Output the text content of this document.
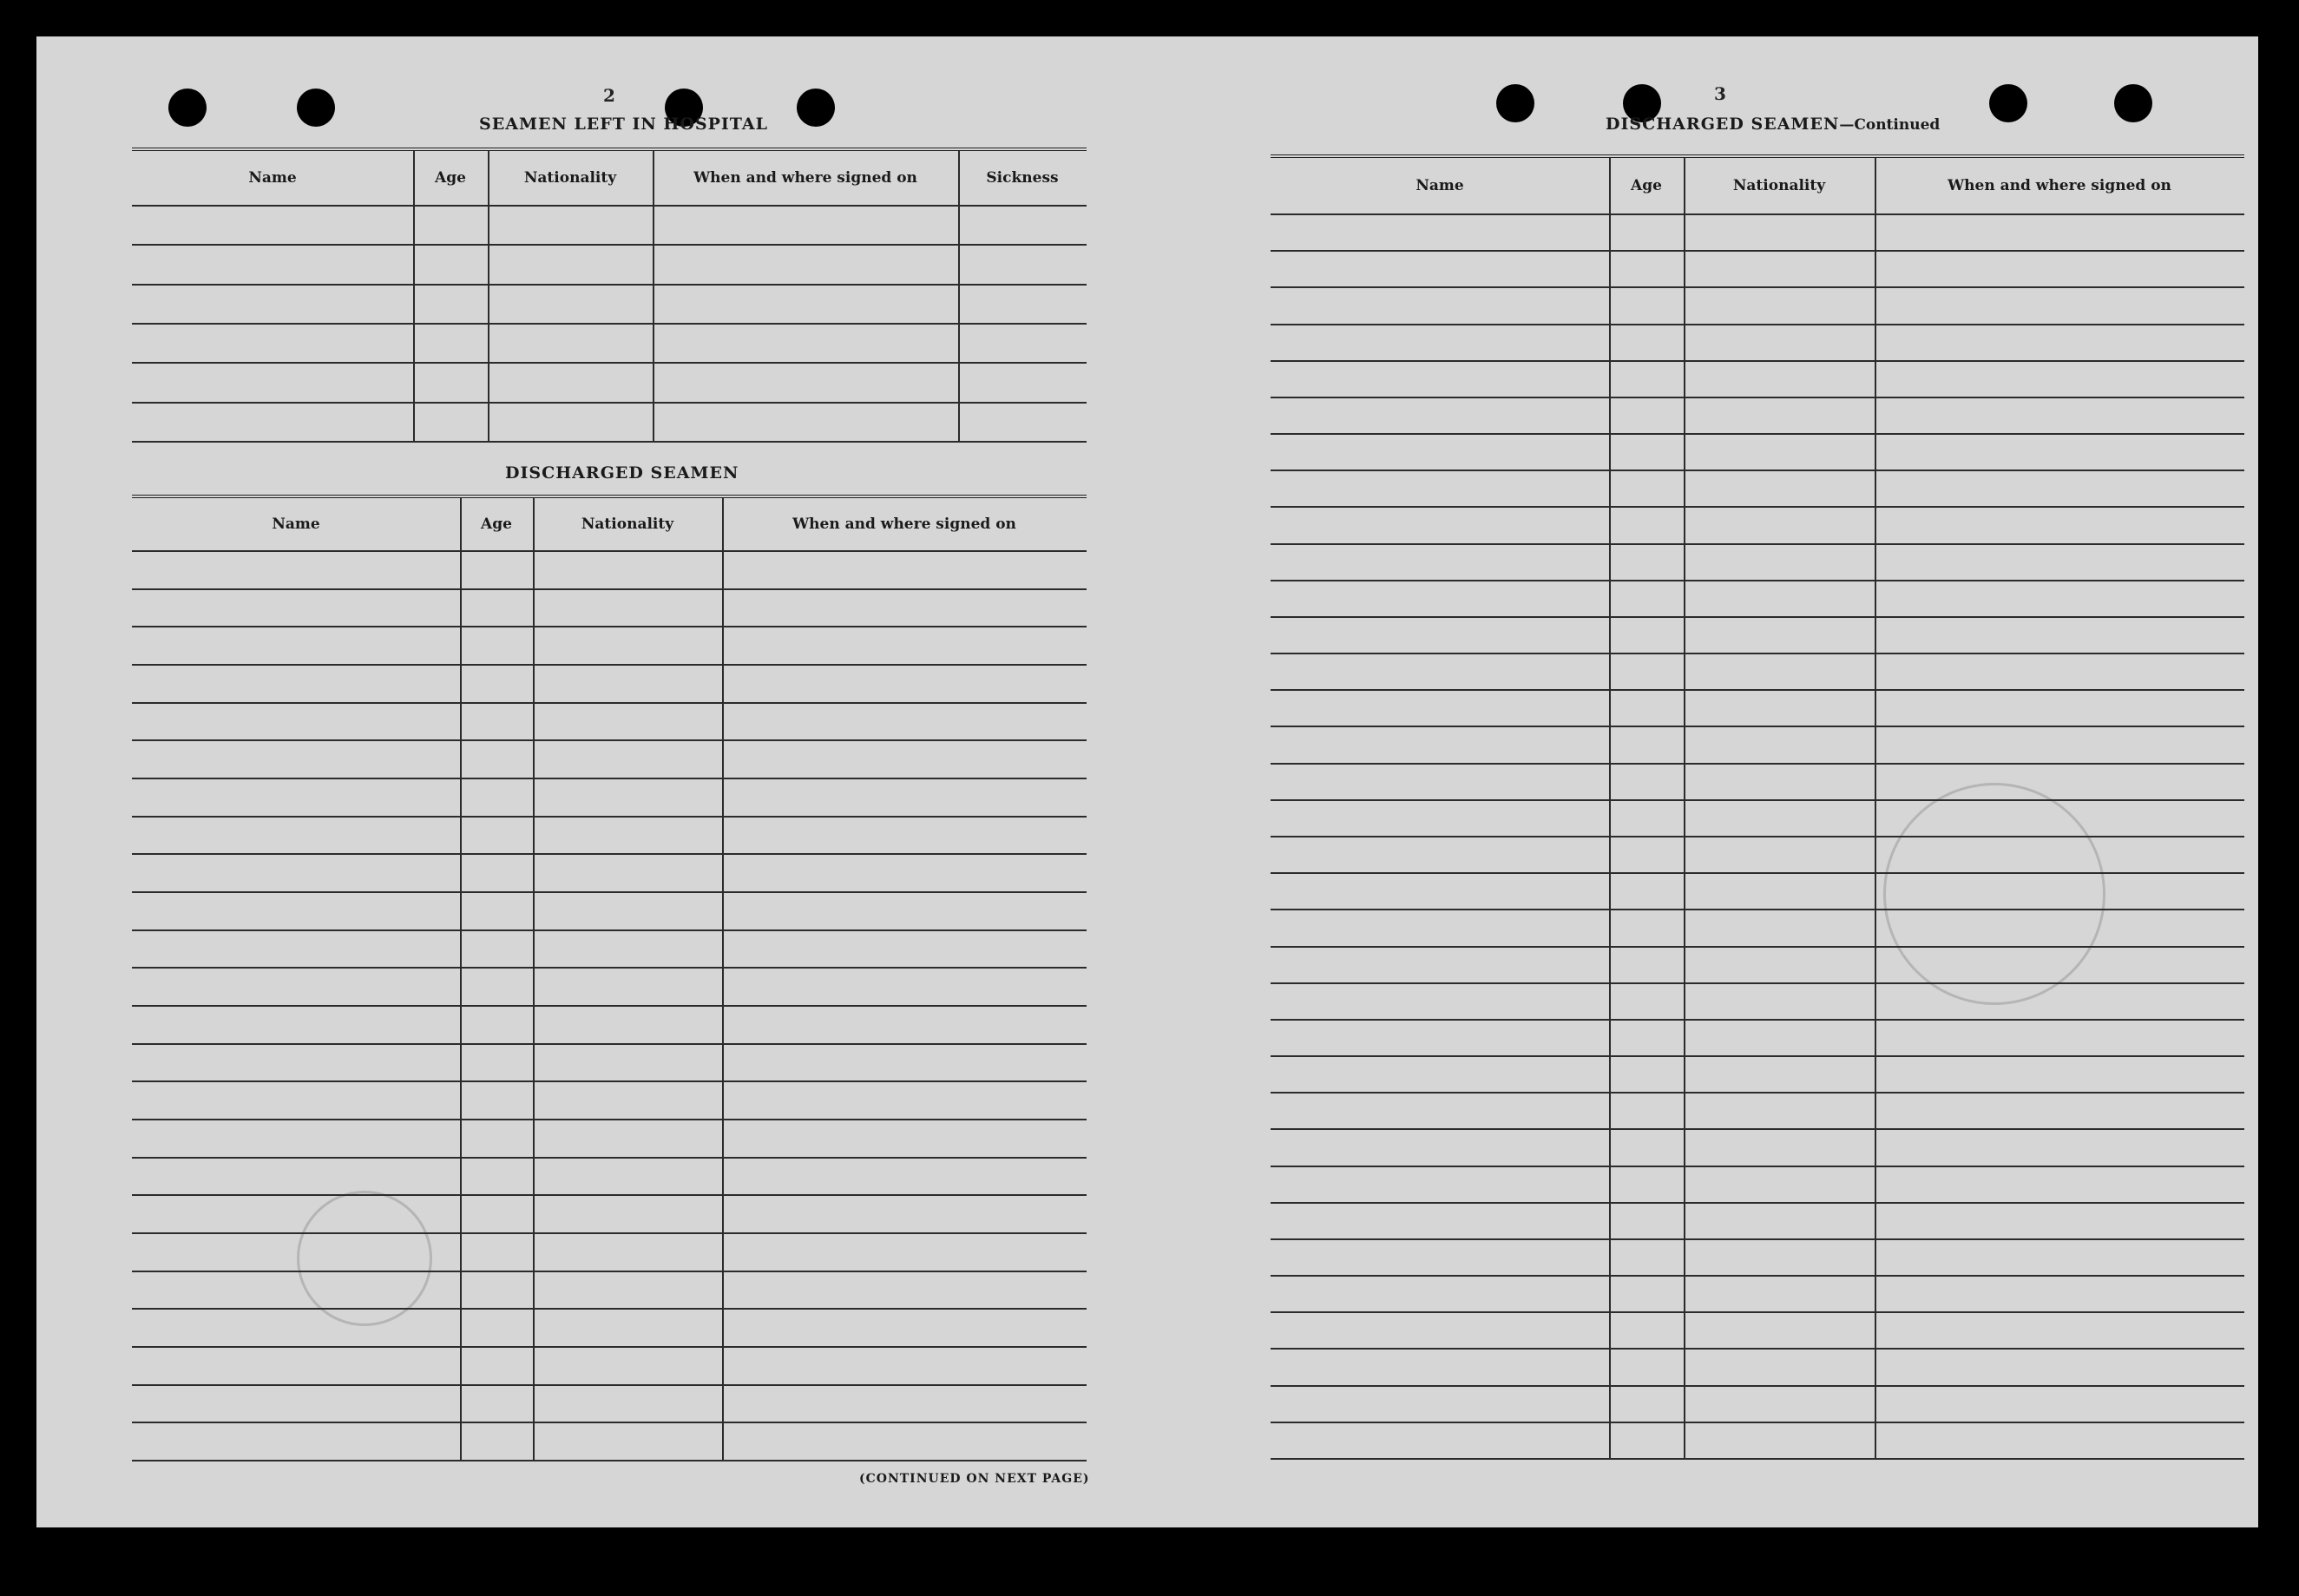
2
SEAMEN LEFT IN HOSPITAL
Name	Age	Nationality	When and where signed on	Sickness
DISCHARGED SEAMEN
Name	Age	Nationality	When and where signed on
(CONTINUED ON NEXT PAGE)
3
DISCHARGED SEAMEN—Continued
Name	Age	Nationality	When and where signed on
